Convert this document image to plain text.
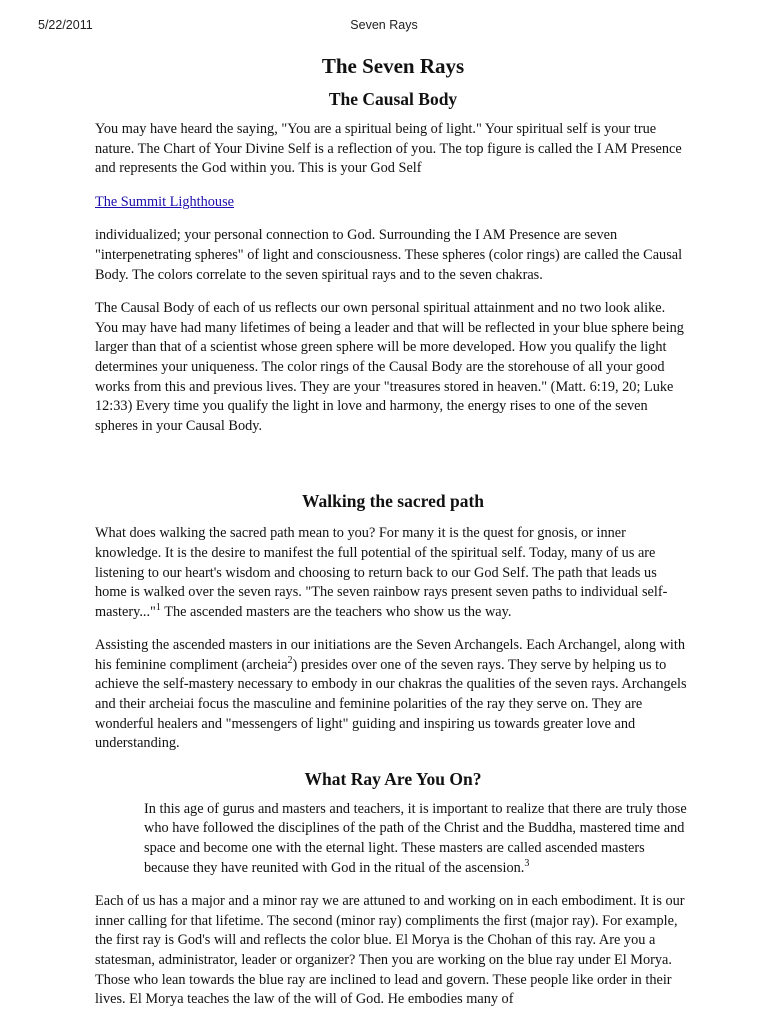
5/22/2011	Seven Rays
The Seven Rays
The Causal Body

You may have heard the saying, "You are a spiritual being of light." Your spiritual self is your true nature. The Chart of Your Divine Self is a reflection of you. The top figure is called the I AM Presence and represents the God within you. This is your God Self

The Summit Lighthouse

individualized; your personal connection to God. Surrounding the I AM Presence are seven "interpenetrating spheres" of light and consciousness. These spheres (color rings) are called the Causal Body. The colors correlate to the seven spiritual rays and to the seven chakras.

The Causal Body of each of us reflects our own personal spiritual attainment and no two look alike. You may have had many lifetimes of being a leader and that will be reflected in your blue sphere being larger than that of a scientist whose green sphere will be more developed. How you qualify the light determines your uniqueness. The color rings of the Causal Body are the storehouse of all your good works from this and previous lives. They are your "treasures stored in heaven." (Matt. 6:19, 20; Luke 12:33) Every time you qualify the light in love and harmony, the energy rises to one of the seven spheres in your Causal Body.

Walking the sacred path

What does walking the sacred path mean to you? For many it is the quest for gnosis, or inner knowledge. It is the desire to manifest the full potential of the spiritual self. Today, many of us are listening to our heart's wisdom and choosing to return back to our God Self. The path that leads us home is walked over the seven rays. "The seven rainbow rays present seven paths to individual self-mastery..."$^1$ The ascended masters are the teachers who show us the way.

Assisting the ascended masters in our initiations are the Seven Archangels. Each Archangel, along with his feminine compliment (archeia$^2$) presides over one of the seven rays. They serve by helping us to achieve the self-mastery necessary to embody in our chakras the qualities of the seven rays. Archangels and their archeiai focus the masculine and feminine polarities of the ray they serve on. They are wonderful healers and "messengers of light" guiding and inspiring us towards greater love and understanding.

What Ray Are You On?

In this age of gurus and masters and teachers, it is important to realize that there are truly those who have followed the disciplines of the path of the Christ and the Buddha, mastered time and space and become one with the eternal light. These masters are called ascended masters because they have reunited with God in the ritual of the ascension.$^3$

Each of us has a major and a minor ray we are attuned to and working on in each embodiment. It is our inner calling for that lifetime. The second (minor ray) compliments the first (major ray). For example, the first ray is God's will and reflects the color blue. El Morya is the Chohan of this ray. Are you a statesman, administrator, leader or organizer? Then you are working on the blue ray under El Morya. Those who lean towards the blue ray are inclined to lead and govern. These people like order in their lives. El Morya teaches the law of the will of God. He embodies many of
